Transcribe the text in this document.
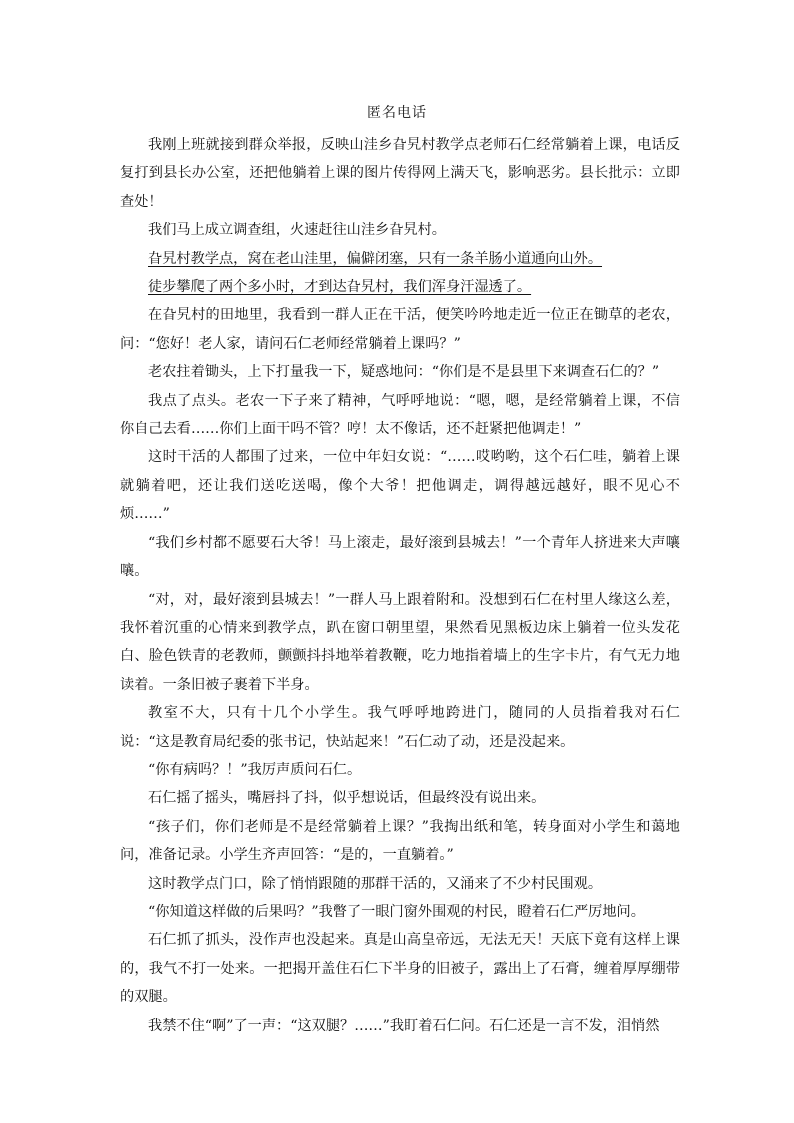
匿名电话

我刚上班就接到群众举报，反映山洼乡旮旯村教学点老师石仁经常躺着上课，电话反复打到县长办公室，还把他躺着上课的图片传得网上满天飞，影响恶劣。县长批示：立即查处！

我们马上成立调查组，火速赶往山洼乡旮旯村。

旮旯村教学点，窝在老山洼里，偏僻闭塞，只有一条羊肠小道通向山外。

徒步攀爬了两个多小时，才到达旮旯村，我们浑身汗湿透了。

在旮旯村的田地里，我看到一群人正在干活，便笑吟吟地走近一位正在锄草的老农，问：“您好！老人家，请问石仁老师经常躺着上课吗？”

老农拄着锄头，上下打量我一下，疑惑地问：“你们是不是县里下来调查石仁的？”

我点了点头。老农一下子来了精神，气呼呼地说：“嗯，嗯，是经常躺着上课，不信你自己去看……你们上面干吗不管？哼！太不像话，还不赶紧把他调走！”

这时干活的人都围了过来，一位中年妇女说：“……哎哟哟，这个石仁哇，躺着上课就躺着吧，还让我们送吃送喝，像个大爷！把他调走，调得越远越好，眼不见心不烦……”

“我们乡村都不愿要石大爷！马上滚走，最好滚到县城去！”一个青年人挤进来大声嚷嚷。

“对，对，最好滚到县城去！”一群人马上跟着附和。没想到石仁在村里人缘这么差，我怀着沉重的心情来到教学点，趴在窗口朝里望，果然看见黑板边床上躺着一位头发花白、脸色铁青的老教师，颤颤抖抖地举着教鞭，吃力地指着墙上的生字卡片，有气无力地读着。一条旧被子裹着下半身。

教室不大，只有十几个小学生。我气呼呼地跨进门，随同的人员指着我对石仁说：“这是教育局纪委的张书记，快站起来！”石仁动了动，还是没起来。

“你有病吗？！”我厉声质问石仁。

石仁摇了摇头，嘴唇抖了抖，似乎想说话，但最终没有说出来。

“孩子们，你们老师是不是经常躺着上课？”我掏出纸和笔，转身面对小学生和蔼地问，准备记录。小学生齐声回答：“是的，一直躺着。”

这时教学点门口，除了悄悄跟随的那群干活的，又涌来了不少村民围观。

“你知道这样做的后果吗？”我瞥了一眼门窗外围观的村民，瞪着石仁严厉地问。

石仁抓了抓头，没作声也没起来。真是山高皇帝远，无法无天！天底下竟有这样上课的，我气不打一处来。一把揭开盖住石仁下半身的旧被子，露出上了石膏，缠着厚厚绷带的双腿。

我禁不住“啊”了一声：“这双腿？……”我盯着石仁问。石仁还是一言不发，泪悄然
